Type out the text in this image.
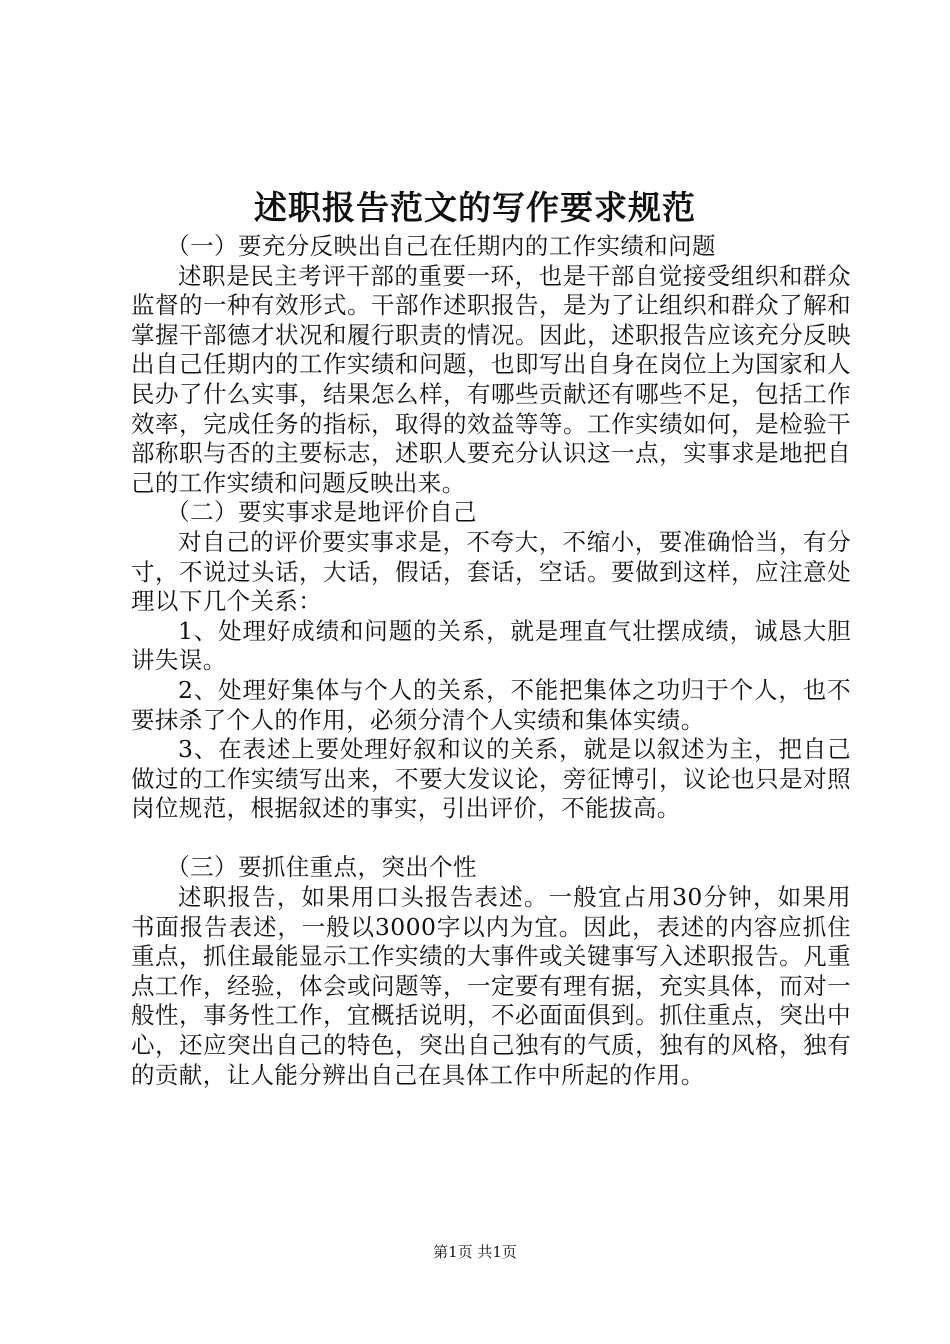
述职报告范文的写作要求规范

（一）要充分反映出自己在任期内的工作实绩和问题

述职是民主考评干部的重要一环，也是干部自觉接受组织和群众监督的一种有效形式。干部作述职报告，是为了让组织和群众了解和掌握干部德才状况和履行职责的情况。因此，述职报告应该充分反映出自己任期内的工作实绩和问题，也即写出自身在岗位上为国家和人民办了什么实事，结果怎么样，有哪些贡献还有哪些不足，包括工作效率，完成任务的指标，取得的效益等等。工作实绩如何，是检验干部称职与否的主要标志，述职人要充分认识这一点，实事求是地把自己的工作实绩和问题反映出来。

（二）要实事求是地评价自己

对自己的评价要实事求是，不夸大，不缩小，要准确恰当，有分寸，不说过头话，大话，假话，套话，空话。要做到这样，应注意处理以下几个关系：

1、处理好成绩和问题的关系，就是理直气壮摆成绩，诚恳大胆讲失误。

2、处理好集体与个人的关系，不能把集体之功归于个人，也不要抹杀了个人的作用，必须分清个人实绩和集体实绩。

3、在表述上要处理好叙和议的关系，就是以叙述为主，把自己做过的工作实绩写出来，不要大发议论，旁征博引，议论也只是对照岗位规范，根据叙述的事实，引出评价，不能拔高。

（三）要抓住重点，突出个性

述职报告，如果用口头报告表述。一般宜占用30分钟，如果用书面报告表述，一般以3000字以内为宜。因此，表述的内容应抓住重点，抓住最能显示工作实绩的大事件或关键事写入述职报告。凡重点工作，经验，体会或问题等，一定要有理有据，充实具体，而对一般性，事务性工作，宜概括说明，不必面面俱到。抓住重点，突出中心，还应突出自己的特色，突出自己独有的气质，独有的风格，独有的贡献，让人能分辨出自己在具体工作中所起的作用。

第1页 共1页
